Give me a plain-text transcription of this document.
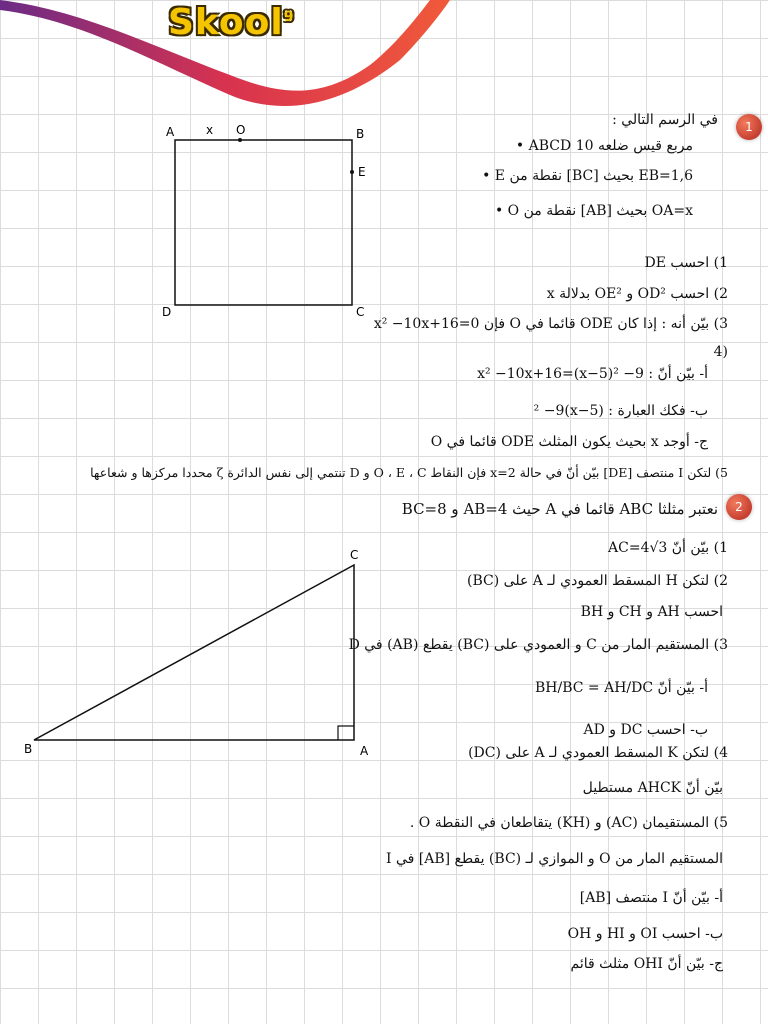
Skool$^9$
1
A	x O	B
E
C
D
في الرسم التالي :
• ABCD مربع قيس ضلعه 10
• E نقطة من [BC] بحيث EB=1,6
• O نقطة من [AB] بحيث OA=x
1) احسب DE
2) احسب OD² و OE² بدلالة x
3) بيّن أنه : إذا كان ODE قائما في O فإن x² −10x+16=0
4)
أ- بيّن أنّ : x² −10x+16=(x−5)² −9
ب- فكك العبارة : (x−5)² −9
ج- أوجد x بحيث يكون المثلث ODE قائما في O
5) لتكن I منتصف [DE] بيّن أنّ في حالة x=2 فإن النقاط O ، E ، C و D تنتمي إلى نفس الدائرة ζ محددا مركزها و شعاعها
2
نعتبر مثلثا ABC قائما في A حيث AB=4 و BC=8
C
B	A
1) بيّن أنّ AC=4√3
2) لتكن H المسقط العمودي لـ A على (BC)
احسب AH و CH و BH
3) المستقيم المار من C و العمودي على (BC) يقطع (AB) في D
أ- بيّن أنّ BH/BC = AH/DC
ب- احسب DC و AD
4) لتكن K المسقط العمودي لـ A على (DC)
بيّن أنّ AHCK مستطيل
5) المستقيمان (AC) و (KH) يتقاطعان في النقطة O .
المستقيم المار من O و الموازي لـ (BC) يقطع [AB] في I
أ- بيّن أنّ I منتصف [AB]
ب- احسب OI و HI و OH
ج- بيّن أنّ OHI مثلث قائم
